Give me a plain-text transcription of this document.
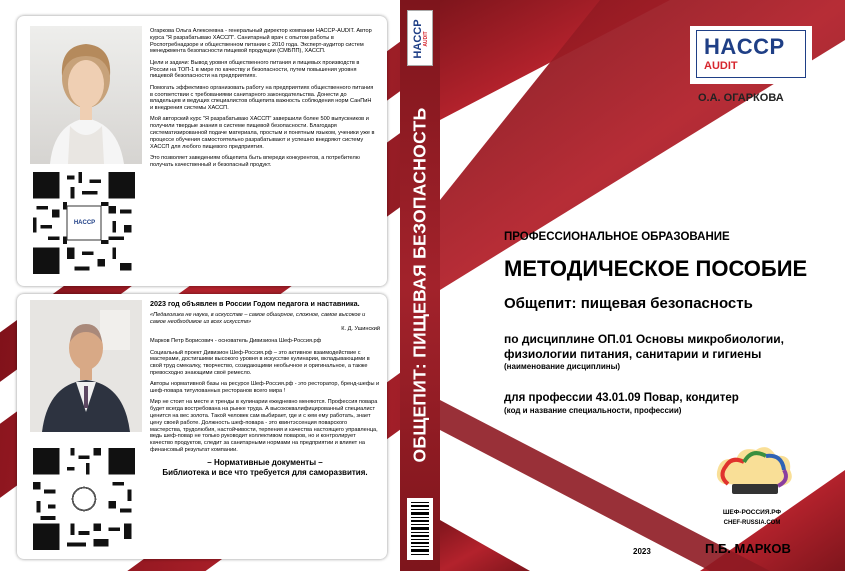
HACCP

Огаркова Ольга Алексеевна - генеральный директор компании НАССР-AUDIT. Автор курса "Я разрабатываю ХАССП". Санитарный врач с опытом работы в Роспотребнадзоре и общественном питании с 2010 года. Эксперт-аудитор систем менеджмента безопасности пищевой продукции (СМБПП), ХАССП.

Цели и задачи: Вывод уровня общественного питания и пищевых производств в России на ТОП-1 в мире по качеству и безопасности, путем повышения уровня пищевой безопасности на предприятиях.

Помогать эффективно организовать работу на предприятиях общественного питания в соответствии с требованиями санитарного законодательства. Донести до владельцев и ведущих специалистов общепита важность соблюдения норм СанПиН и внедрения системы ХАССП.

Мой авторский курс "Я разрабатываю ХАССП" завершили более 500 выпускников и получили твердые знания в системе пищевой безопасности. Благодаря систематизированной подаче материала, простым и понятным языком, ученики уже в процессе обучения самостоятельно разрабатывают и успешно внедряют систему ХАССП для любого пищевого предприятия.

Это позволяет заведениям общепита быть впереди конкурентов, а потребителю получать качественный и безопасный продукт.

2023 год объявлен в России Годом педагога и наставника.

«Педагогика не наука, в искусстве – самое обширное, сложное, самое высокое и самое необходимое из всех искусств»

К. Д. Ушинский

Марков Петр Борисович - основатель Дивизиона Шеф-Россия.рф

Социальный проект Дивизион Шеф-Россия.рф – это активное взаимодействие с мастерами, достигшими высокого уровня в искусстве кулинарии, вкладывающими в свой труд смекалку, творчество, созидающими необычное и оригинальное, а также превосходно знающими своё ремесло.

Авторы нормативной базы на ресурсе Шеф-Россия.рф - это ресторатор, бренд-шефы и шеф-повара титулованных ресторанов всего мира !

Мир не стоит на месте и тренды в кулинарии ежедневно меняются. Профессия повара будет всегда востребована на рынке труда. А высококвалифицированный специалист ценится на вес золота. Такой человек сам выбирает, где и с кем ему работать, знает цену своей работе. Должность шеф-повара - это квинтэссенция поварского мастерства, трудолюбия, настойчивости, терпения и качества настоящего управленца, ведь шеф-повар не только руководит коллективом поваров, но и контролирует качество продуктов, следит за санитарными нормами на предприятии и влияет на финансовый результат компании.

– Нормативные документы –

Библиотека и все что требуется для саморазвития.

HACCP AUDIT
ОБЩЕПИТ: ПИЩЕВАЯ БЕЗОПАСНОСТЬ
HACCP
AUDIT
О.А. ОГАРКОВА
ПРОФЕССИОНАЛЬНОЕ ОБРАЗОВАНИЕ
МЕТОДИЧЕСКОЕ ПОСОБИЕ
Общепит: пищевая безопасность
по дисциплине ОП.01 Основы микробиологии,
физиологии питания, санитарии и гигиены
(наименование дисциплины)
для профессии 43.01.09 Повар, кондитер
(код и название специальности, профессии)
ШЕФ-РОССИЯ.РФ
CHEF-RUSSIA.COM
2023	П.Б. МАРКОВ
